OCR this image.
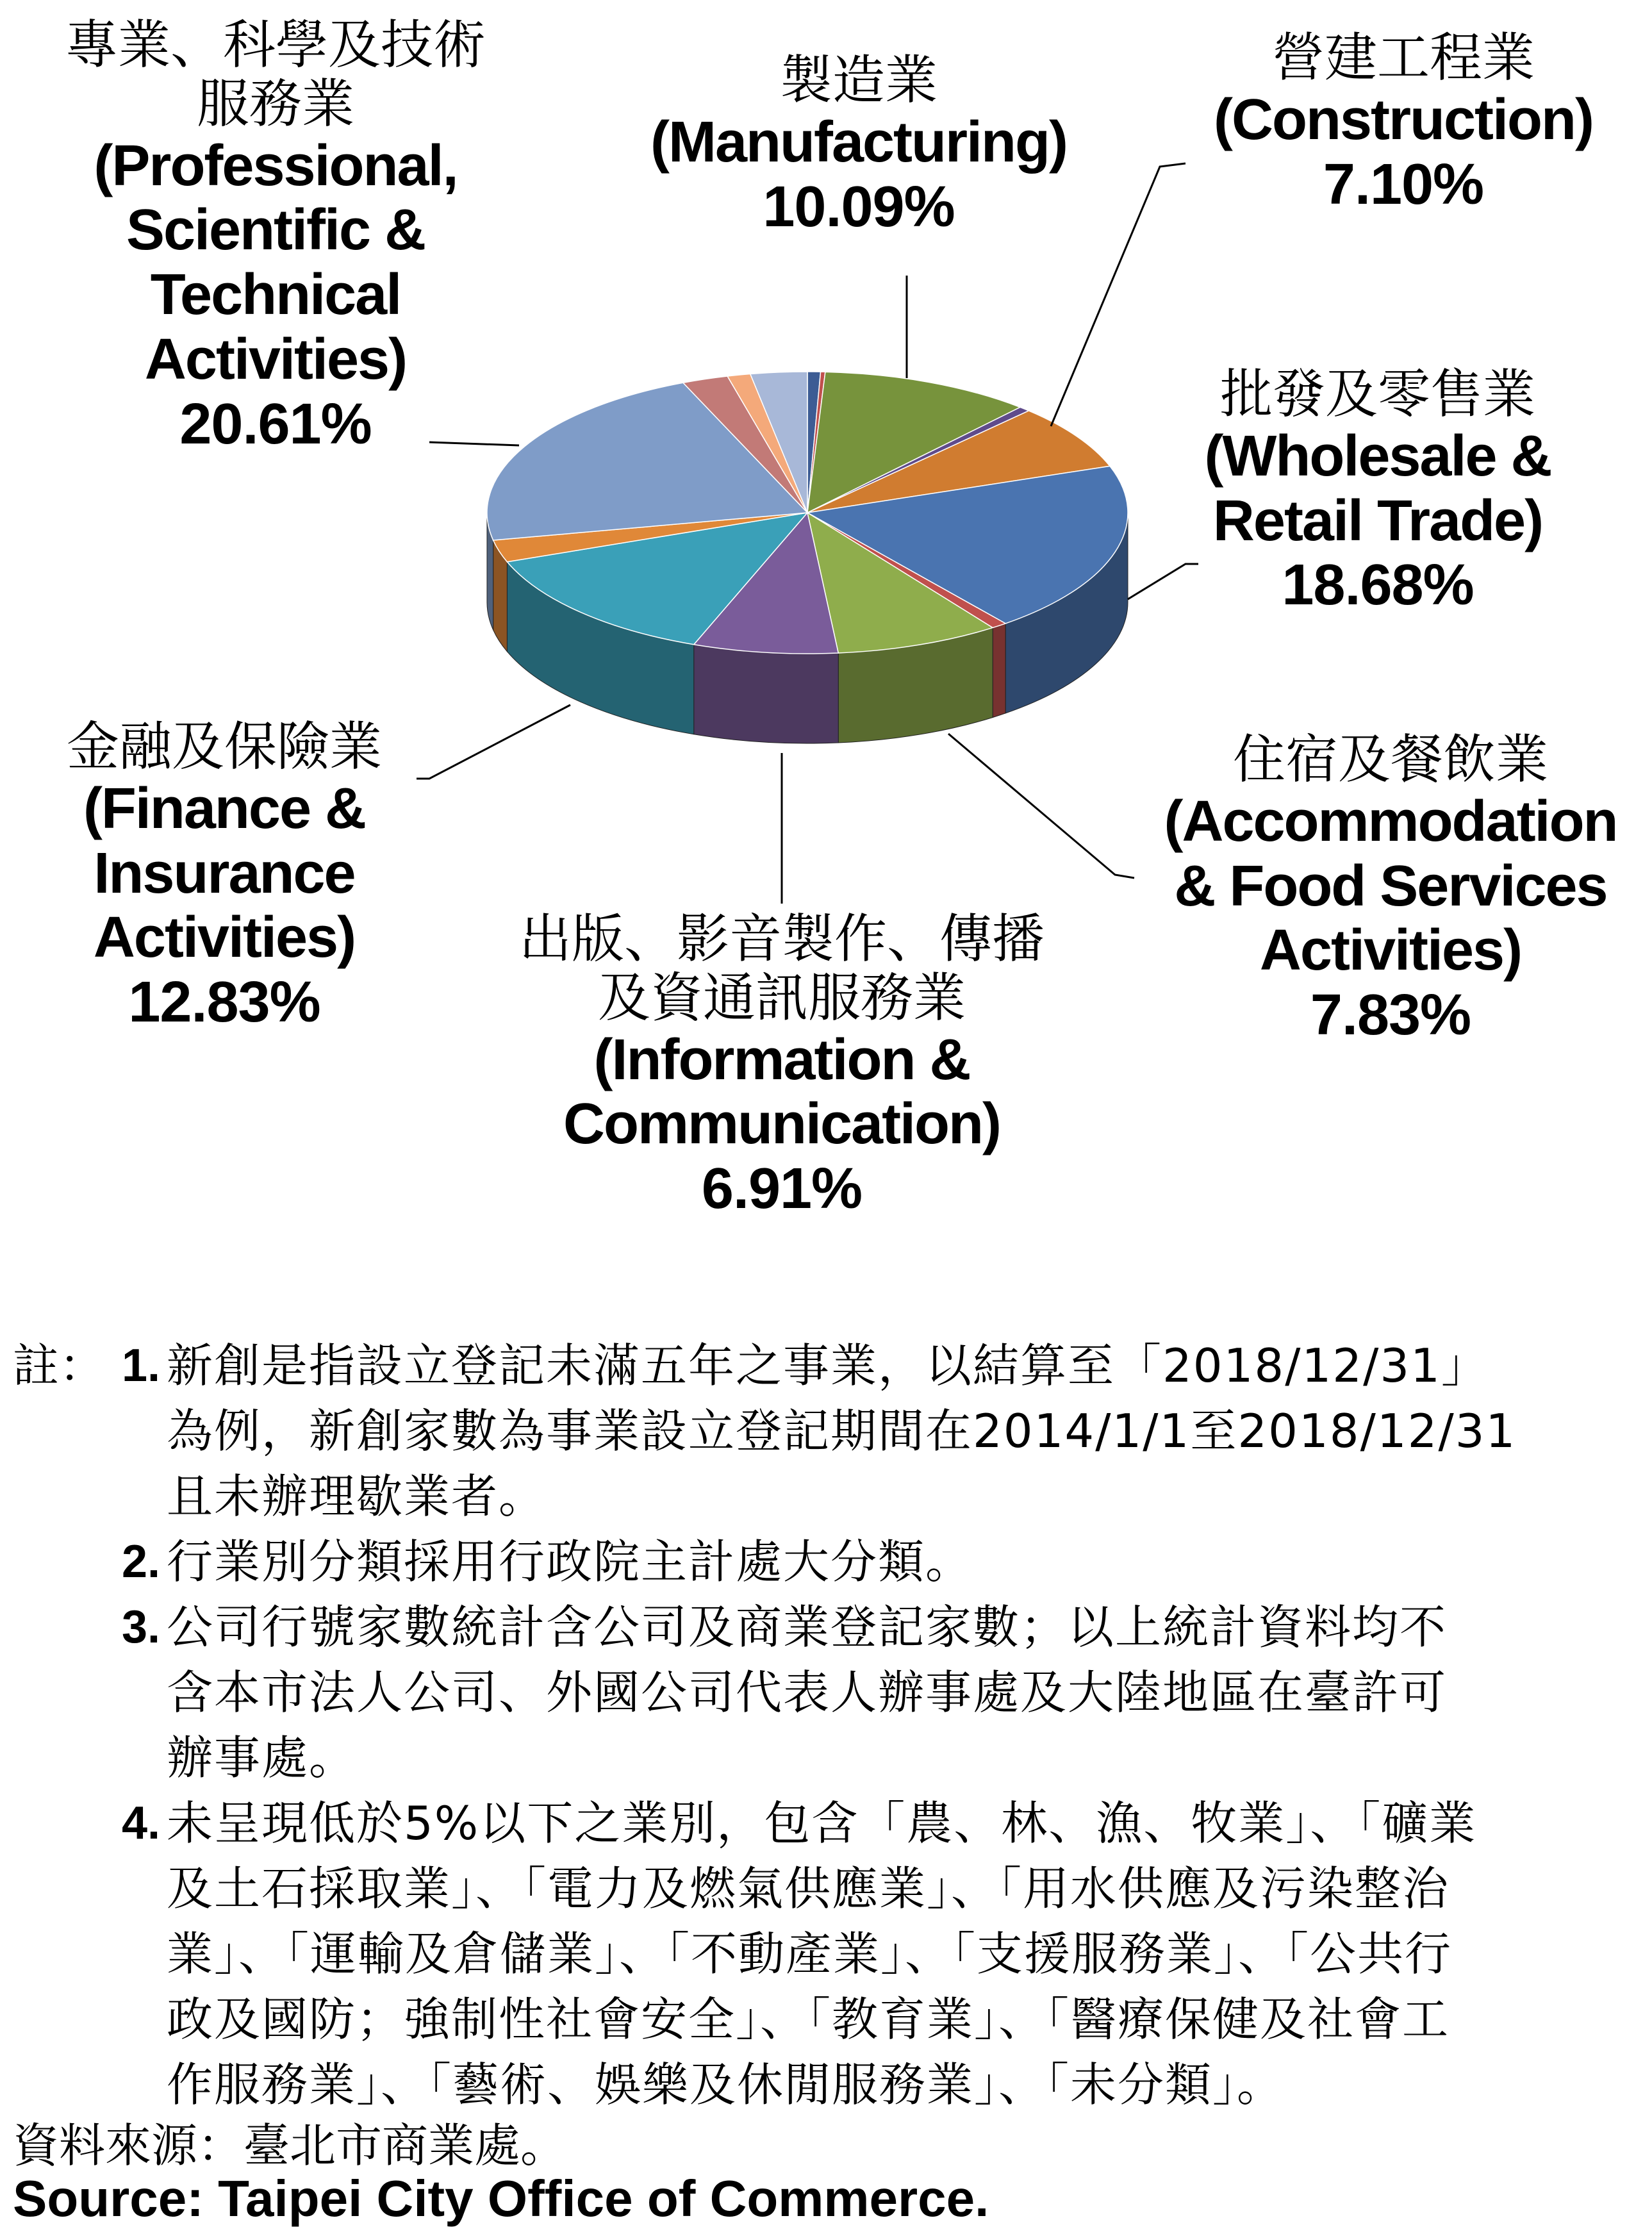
專業、科學及技術
服務業
(Professional,
Scientific &
Technical
Activities)
20.61%
製造業
(Manufacturing)
10.09%
營建工程業
(Construction)
7.10%
批發及零售業
(Wholesale &
Retail Trade)
18.68%
住宿及餐飲業
(Accommodation
& Food Services
Activities)
7.83%
出版、影音製作、傳播
及資通訊服務業
(Information &
Communication)
6.91%
金融及保險業
(Finance &
Insurance
Activities)
12.83%
註： 1. 新創是指設立登記未滿五年之事業，以結算至「2018/12/31」
為例，新創家數為事業設立登記期間在2014/1/1至2018/12/31
且未辦理歇業者。
2. 行業別分類採用行政院主計處大分類。
3. 公司行號家數統計含公司及商業登記家數；以上統計資料均不
含本市法人公司、外國公司代表人辦事處及大陸地區在臺許可
辦事處。
4. 未呈現低於5%以下之業別，包含「農、林、漁、牧業」、「礦業
及土石採取業」、「電力及燃氣供應業」、「用水供應及污染整治
業」、「運輸及倉儲業」、「不動產業」、「支援服務業」、「公共行
政及國防；強制性社會安全」、「教育業」、「醫療保健及社會工
作服務業」、「藝術、娛樂及休閒服務業」、「未分類」。
資料來源：臺北市商業處。
Source: Taipei City Office of Commerce.
